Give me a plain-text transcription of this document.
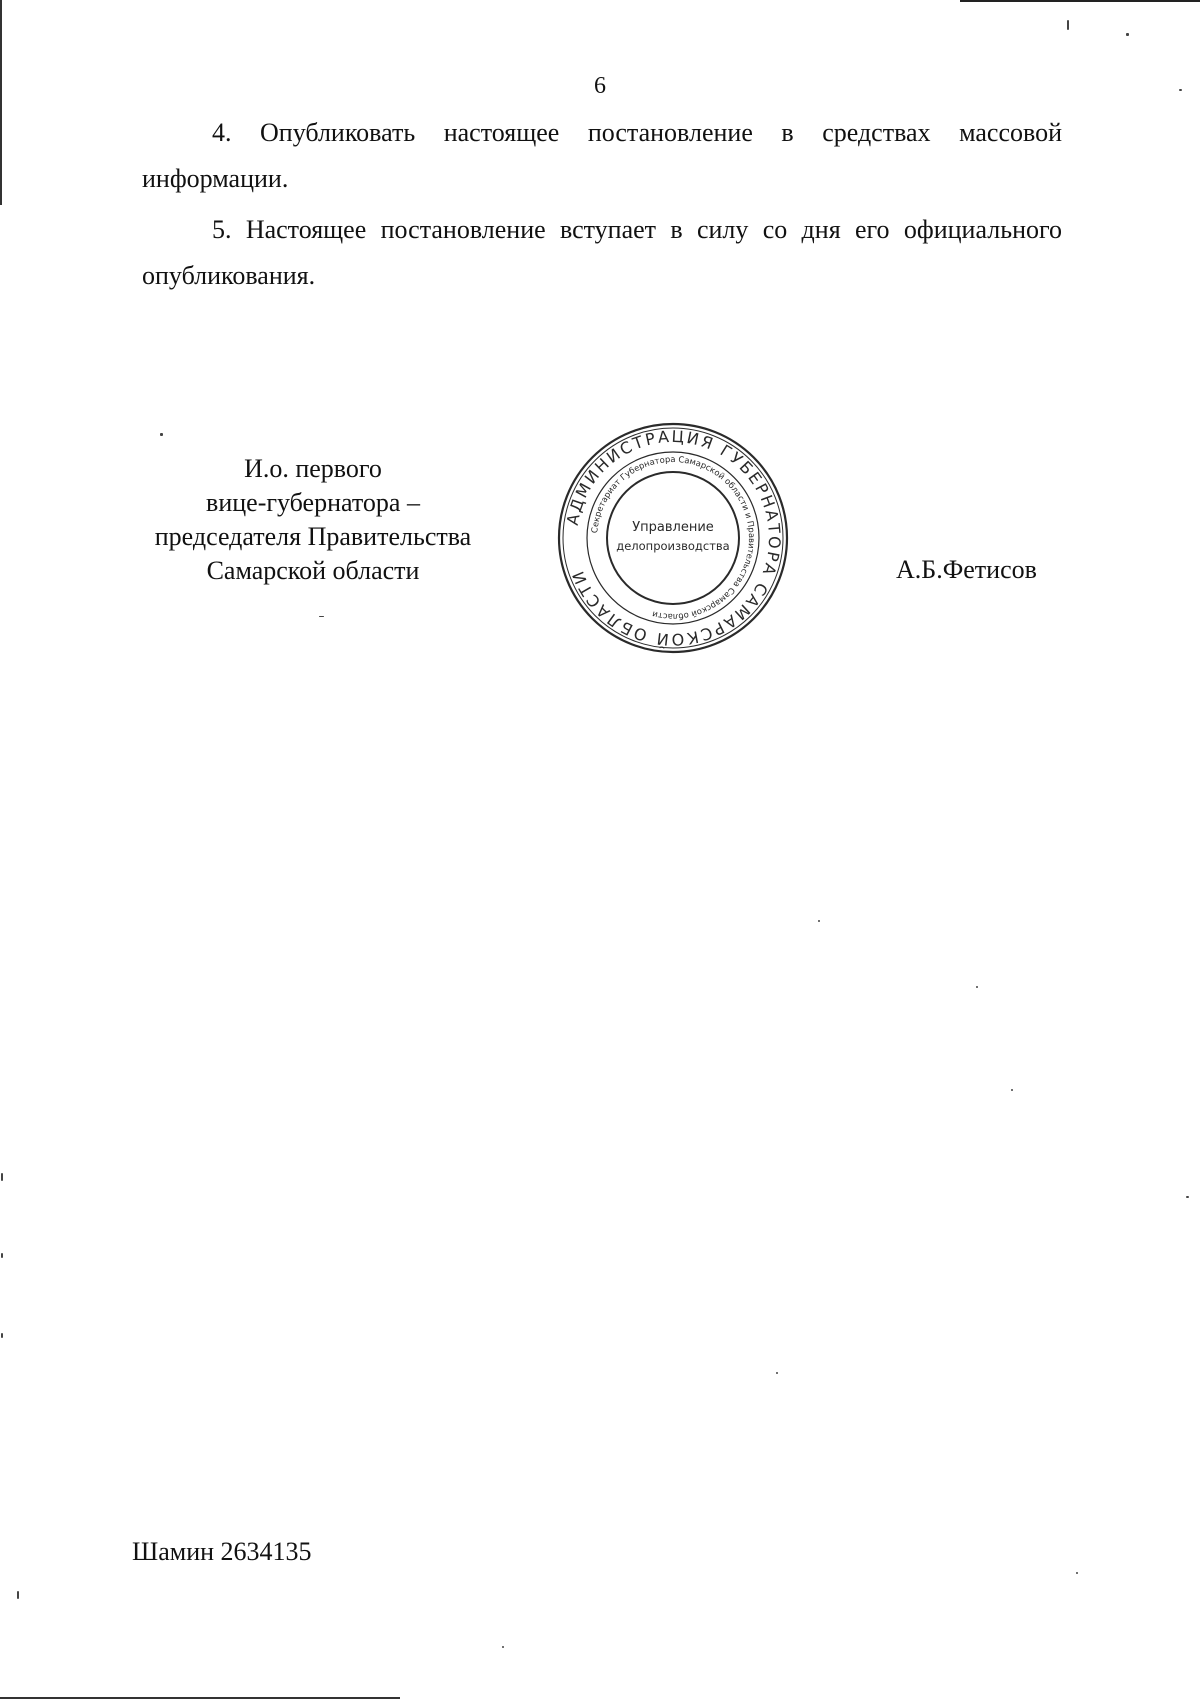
6

4. Опубликовать настоящее постановление в средствах массовой информации.

5. Настоящее постановление вступает в силу со дня его официального опубликования.

И.о. первого
вице-губернатора –
председателя Правительства
Самарской области
АДМИНИСТРАЦИЯ ГУБЕРНАТОРА САМАРСКОЙ ОБЛАСТИ
Секретариат Губернатора Самарской области и Правительства Самарской области
Управление
делопроизводства
А.Б.Фетисов
Шамин 2634135
